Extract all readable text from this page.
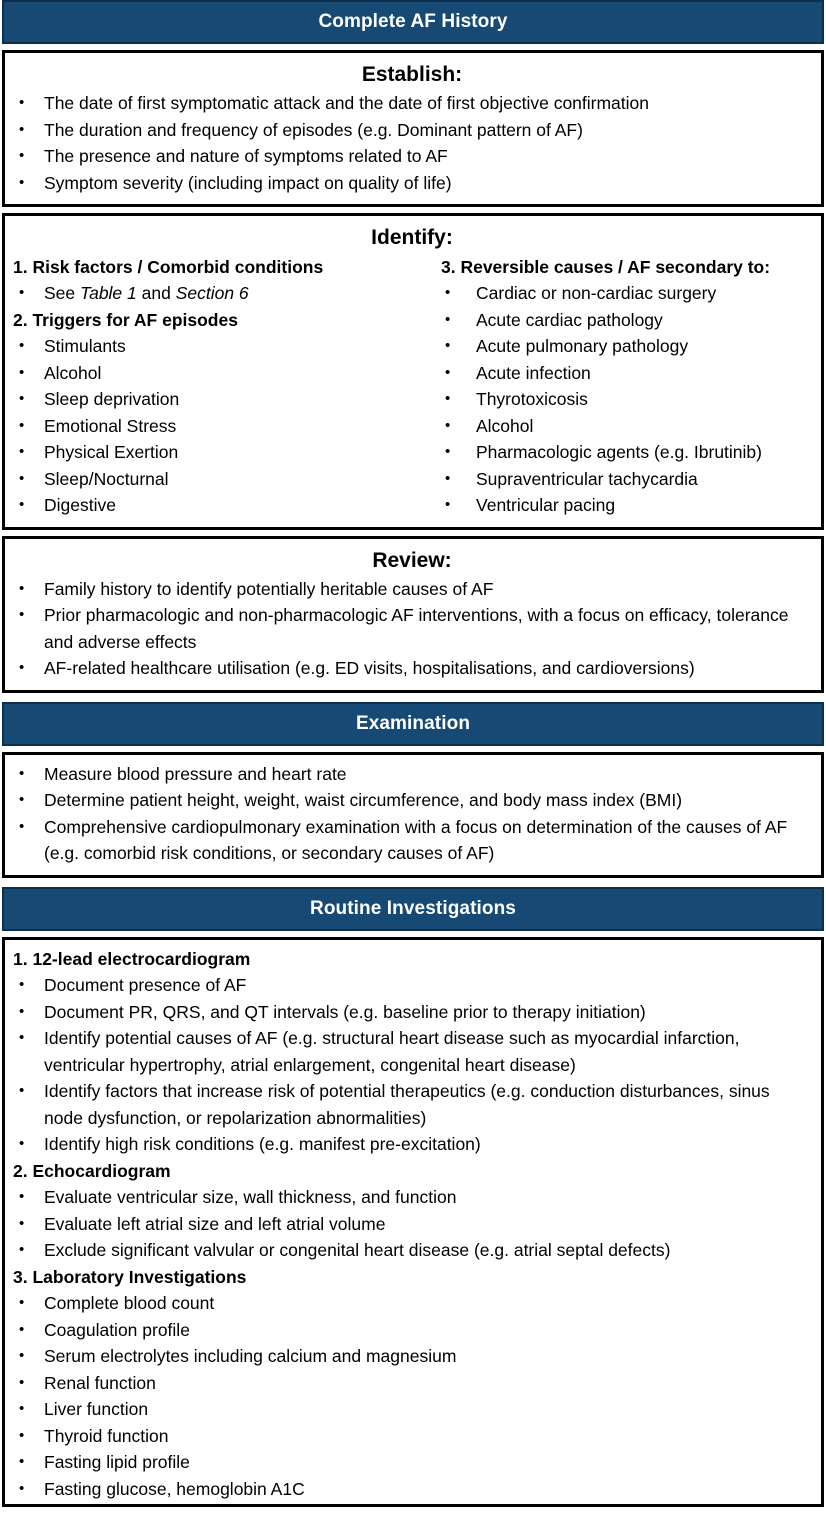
Complete AF History
Establish:
• The date of first symptomatic attack and the date of first objective confirmation
• The duration and frequency of episodes (e.g. Dominant pattern of AF)
• The presence and nature of symptoms related to AF
• Symptom severity (including impact on quality of life)
Identify:
1. Risk factors / Comorbid conditions
• See Table 1 and Section 6
2. Triggers for AF episodes
• Stimulants
• Alcohol
• Sleep deprivation
• Emotional Stress
• Physical Exertion
• Sleep/Nocturnal
• Digestive
3. Reversible causes / AF secondary to:
• Cardiac or non-cardiac surgery
• Acute cardiac pathology
• Acute pulmonary pathology
• Acute infection
• Thyrotoxicosis
• Alcohol
• Pharmacologic agents (e.g. Ibrutinib)
• Supraventricular tachycardia
• Ventricular pacing
Review:
• Family history to identify potentially heritable causes of AF
• Prior pharmacologic and non-pharmacologic AF interventions, with a focus on efficacy, tolerance and adverse effects
• AF-related healthcare utilisation (e.g. ED visits, hospitalisations, and cardioversions)
Examination
• Measure blood pressure and heart rate
• Determine patient height, weight, waist circumference, and body mass index (BMI)
• Comprehensive cardiopulmonary examination with a focus on determination of the causes of AF (e.g. comorbid risk conditions, or secondary causes of AF)
Routine Investigations
1. 12-lead electrocardiogram
• Document presence of AF
• Document PR, QRS, and QT intervals (e.g. baseline prior to therapy initiation)
• Identify potential causes of AF (e.g. structural heart disease such as myocardial infarction, ventricular hypertrophy, atrial enlargement, congenital heart disease)
• Identify factors that increase risk of potential therapeutics (e.g. conduction disturbances, sinus node dysfunction, or repolarization abnormalities)
• Identify high risk conditions (e.g. manifest pre-excitation)
2. Echocardiogram
• Evaluate ventricular size, wall thickness, and function
• Evaluate left atrial size and left atrial volume
• Exclude significant valvular or congenital heart disease (e.g. atrial septal defects)
3. Laboratory Investigations
• Complete blood count
• Coagulation profile
• Serum electrolytes including calcium and magnesium
• Renal function
• Liver function
• Thyroid function
• Fasting lipid profile
• Fasting glucose, hemoglobin A1C
